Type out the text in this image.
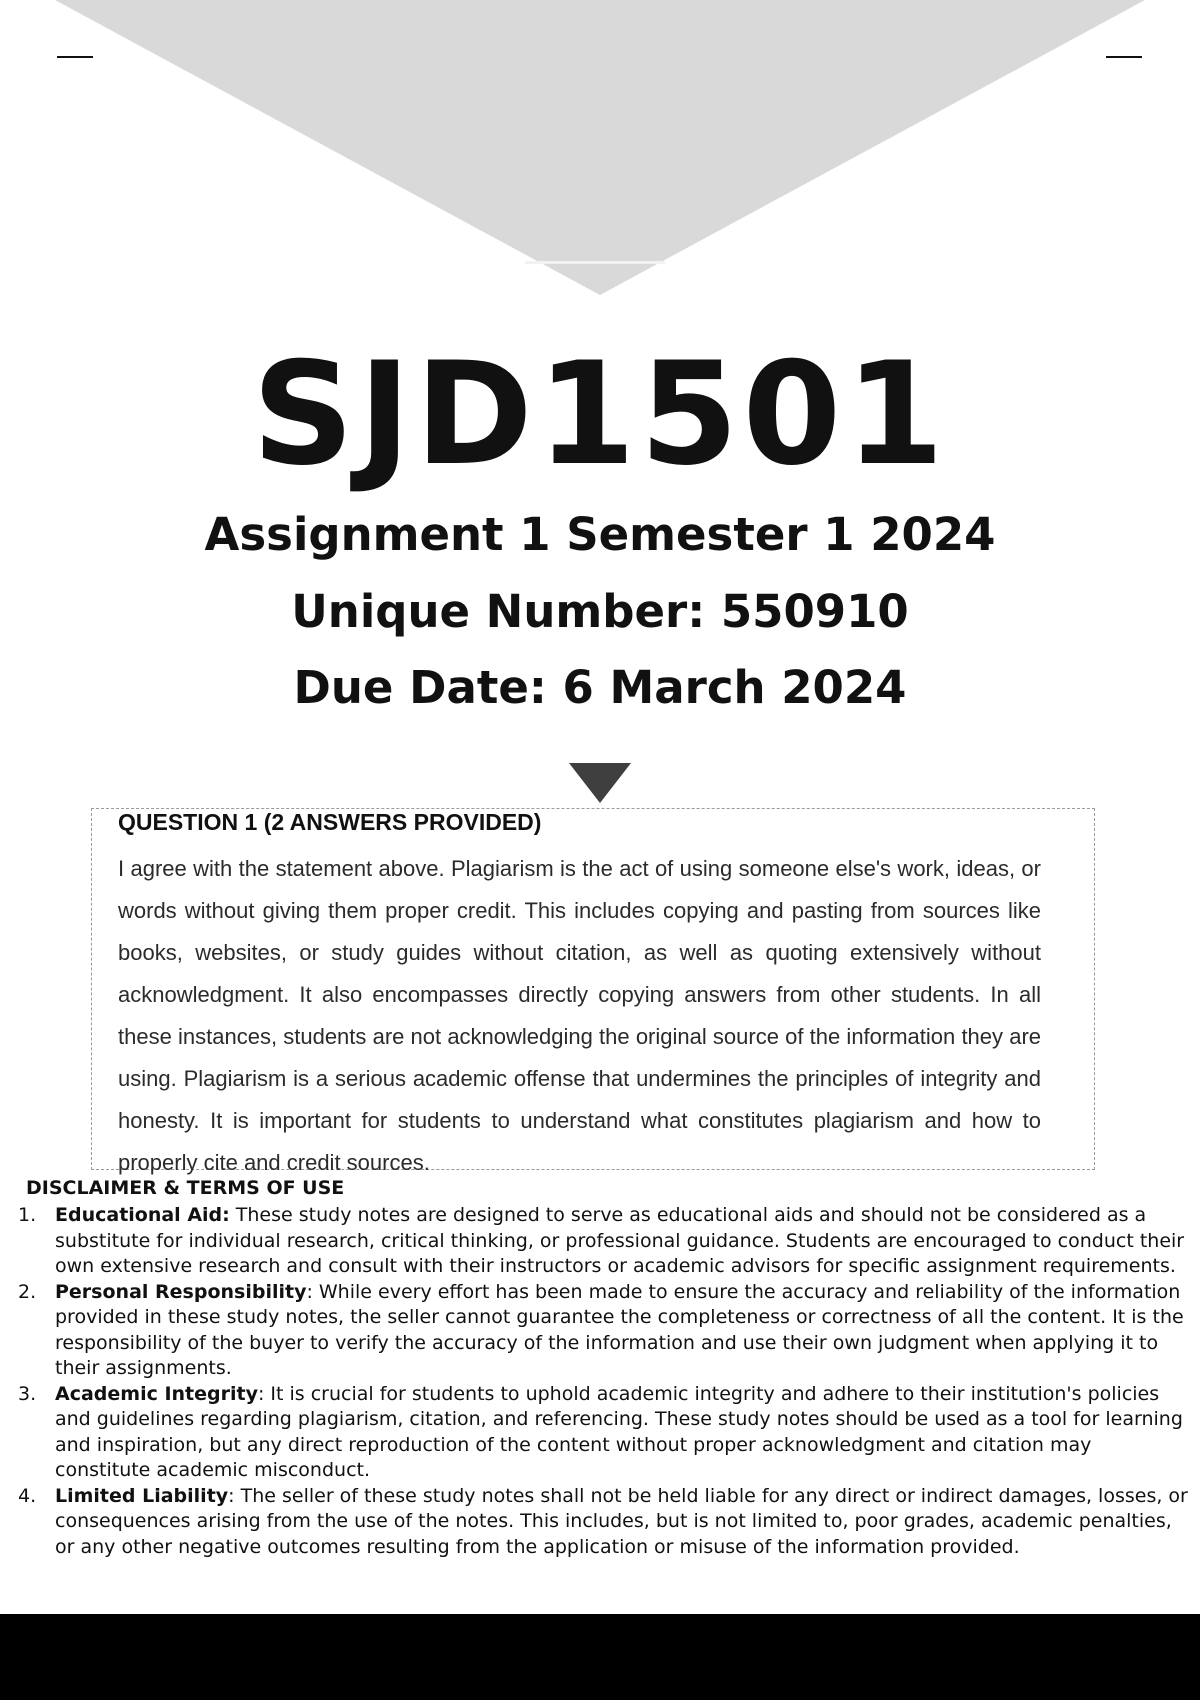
SJD1501
Assignment 1 Semester 1 2024
Unique Number: 550910
Due Date: 6 March 2024
QUESTION 1 (2 ANSWERS PROVIDED)

I agree with the statement above. Plagiarism is the act of using someone else's work, ideas, or words without giving them proper credit. This includes copying and pasting from sources like books, websites, or study guides without citation, as well as quoting extensively without acknowledgment. It also encompasses directly copying answers from other students. In all these instances, students are not acknowledging the original source of the information they are using. Plagiarism is a serious academic offense that undermines the principles of integrity and honesty. It is important for students to understand what constitutes plagiarism and how to properly cite and credit sources.

DISCLAIMER & TERMS OF USE
1. Educational Aid: These study notes are designed to serve as educational aids and should not be considered as a substitute for individual research, critical thinking, or professional guidance. Students are encouraged to conduct their own extensive research and consult with their instructors or academic advisors for specific assignment requirements.
2. Personal Responsibility: While every effort has been made to ensure the accuracy and reliability of the information provided in these study notes, the seller cannot guarantee the completeness or correctness of all the content. It is the responsibility of the buyer to verify the accuracy of the information and use their own judgment when applying it to their assignments.
3. Academic Integrity: It is crucial for students to uphold academic integrity and adhere to their institution's policies and guidelines regarding plagiarism, citation, and referencing. These study notes should be used as a tool for learning and inspiration, but any direct reproduction of the content without proper acknowledgment and citation may constitute academic misconduct.
4. Limited Liability: The seller of these study notes shall not be held liable for any direct or indirect damages, losses, or consequences arising from the use of the notes. This includes, but is not limited to, poor grades, academic penalties, or any other negative outcomes resulting from the application or misuse of the information provided.
